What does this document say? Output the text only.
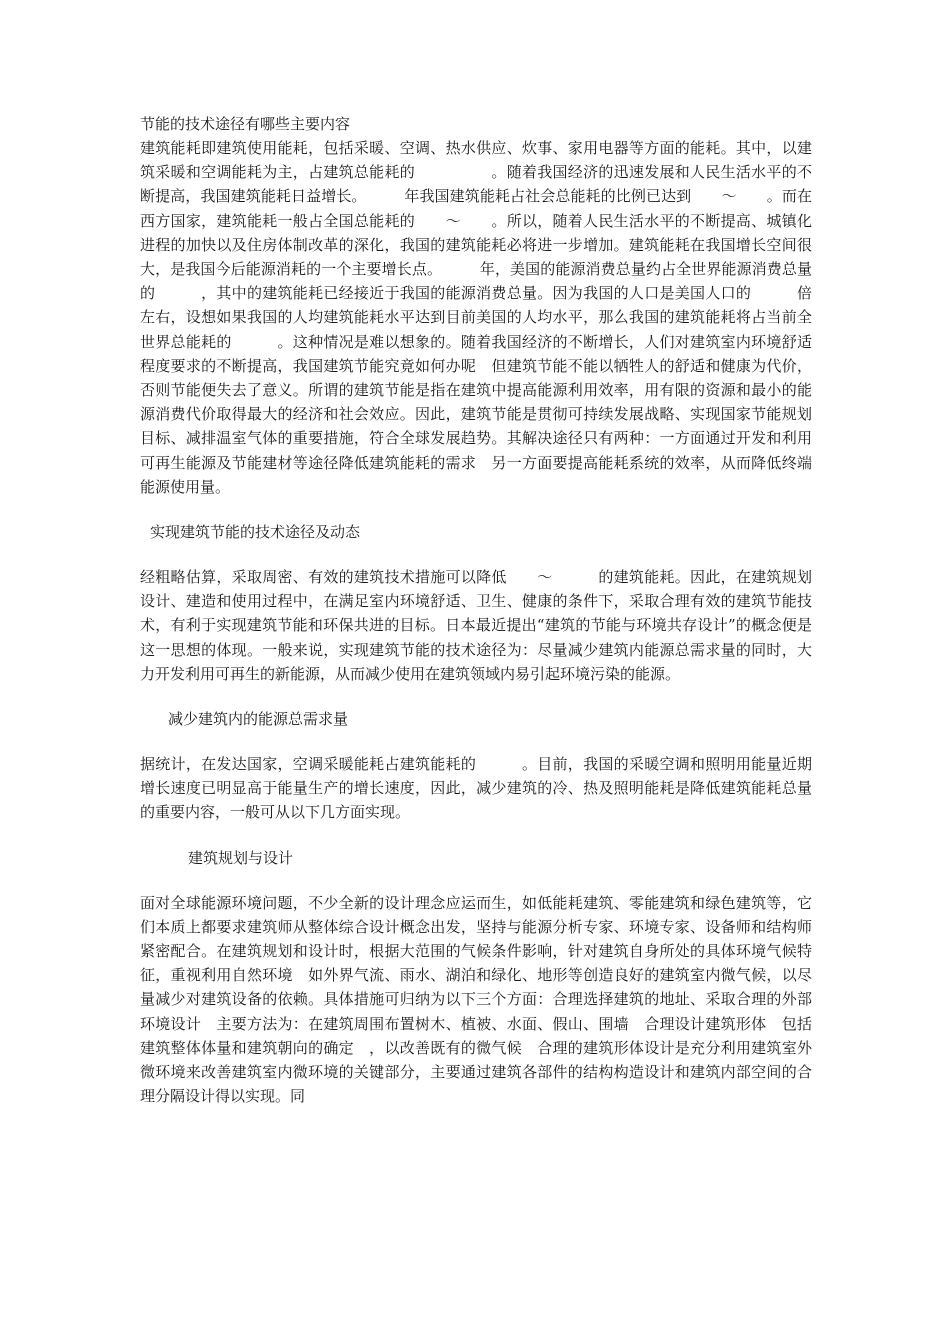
节能的技术途径有哪些主要内容

建筑能耗即建筑使用能耗，包括采暖、空调、热水供应、炊事、家用电器等方面的能耗。其中，以建筑采暖和空调能耗为主，占建筑总能耗的　　　　　。随着我国经济的迅速发展和人民生活水平的不断提高，我国建筑能耗日益增长。　　　年我国建筑能耗占社会总能耗的比例已达到　　～　　。而在西方国家，建筑能耗一般占全国总能耗的　　～　　。所以，随着人民生活水平的不断提高、城镇化进程的加快以及住房体制改革的深化，我国的建筑能耗必将进一步增加。建筑能耗在我国增长空间很大，是我国今后能源消耗的一个主要增长点。　　　年，美国的能源消费总量约占全世界能源消费总量的　　　，其中的建筑能耗已经接近于我国的能源消费总量。因为我国的人口是美国人口的　　　倍左右，设想如果我国的人均建筑能耗水平达到目前美国的人均水平，那么我国的建筑能耗将占当前全世界总能耗的　　　。这种情况是难以想象的。随着我国经济的不断增长，人们对建筑室内环境舒适程度要求的不断提高，我国建筑节能究竟如何办呢　但建筑节能不能以牺牲人的舒适和健康为代价，否则节能便失去了意义。所谓的建筑节能是指在建筑中提高能源利用效率，用有限的资源和最小的能源消费代价取得最大的经济和社会效应。因此，建筑节能是贯彻可持续发展战略、实现国家节能规划目标、减排温室气体的重要措施，符合全球发展趋势。其解决途径只有两种：一方面通过开发和利用可再生能源及节能建材等途径降低建筑能耗的需求　另一方面要提高能耗系统的效率，从而降低终端能源使用量。

实现建筑节能的技术途径及动态

经粗略估算，采取周密、有效的建筑技术措施可以降低　　～　　　的建筑能耗。因此，在建筑规划设计、建造和使用过程中，在满足室内环境舒适、卫生、健康的条件下，采取合理有效的建筑节能技术，有利于实现建筑节能和环保共进的目标。日本最近提出“建筑的节能与环境共存设计”的概念便是这一思想的体现。一般来说，实现建筑节能的技术途径为：尽量减少建筑内能源总需求量的同时，大力开发利用可再生的新能源，从而减少使用在建筑领域内易引起环境污染的能源。

减少建筑内的能源总需求量

据统计，在发达国家，空调采暖能耗占建筑能耗的　　　。目前，我国的采暖空调和照明用能量近期增长速度已明显高于能量生产的增长速度，因此，减少建筑的冷、热及照明能耗是降低建筑能耗总量的重要内容，一般可从以下几方面实现。

建筑规划与设计

面对全球能源环境问题，不少全新的设计理念应运而生，如低能耗建筑、零能建筑和绿色建筑等，它们本质上都要求建筑师从整体综合设计概念出发，坚持与能源分析专家、环境专家、设备师和结构师紧密配合。在建筑规划和设计时，根据大范围的气候条件影响，针对建筑自身所处的具体环境气候特征，重视利用自然环境　如外界气流、雨水、湖泊和绿化、地形等创造良好的建筑室内微气候，以尽量减少对建筑设备的依赖。具体措施可归纳为以下三个方面：合理选择建筑的地址、采取合理的外部环境设计　主要方法为：在建筑周围布置树木、植被、水面、假山、围墙　合理设计建筑形体　包括建筑整体体量和建筑朝向的确定　，以改善既有的微气候　合理的建筑形体设计是充分利用建筑室外微环境来改善建筑室内微环境的关键部分，主要通过建筑各部件的结构构造设计和建筑内部空间的合理分隔设计得以实现。同
